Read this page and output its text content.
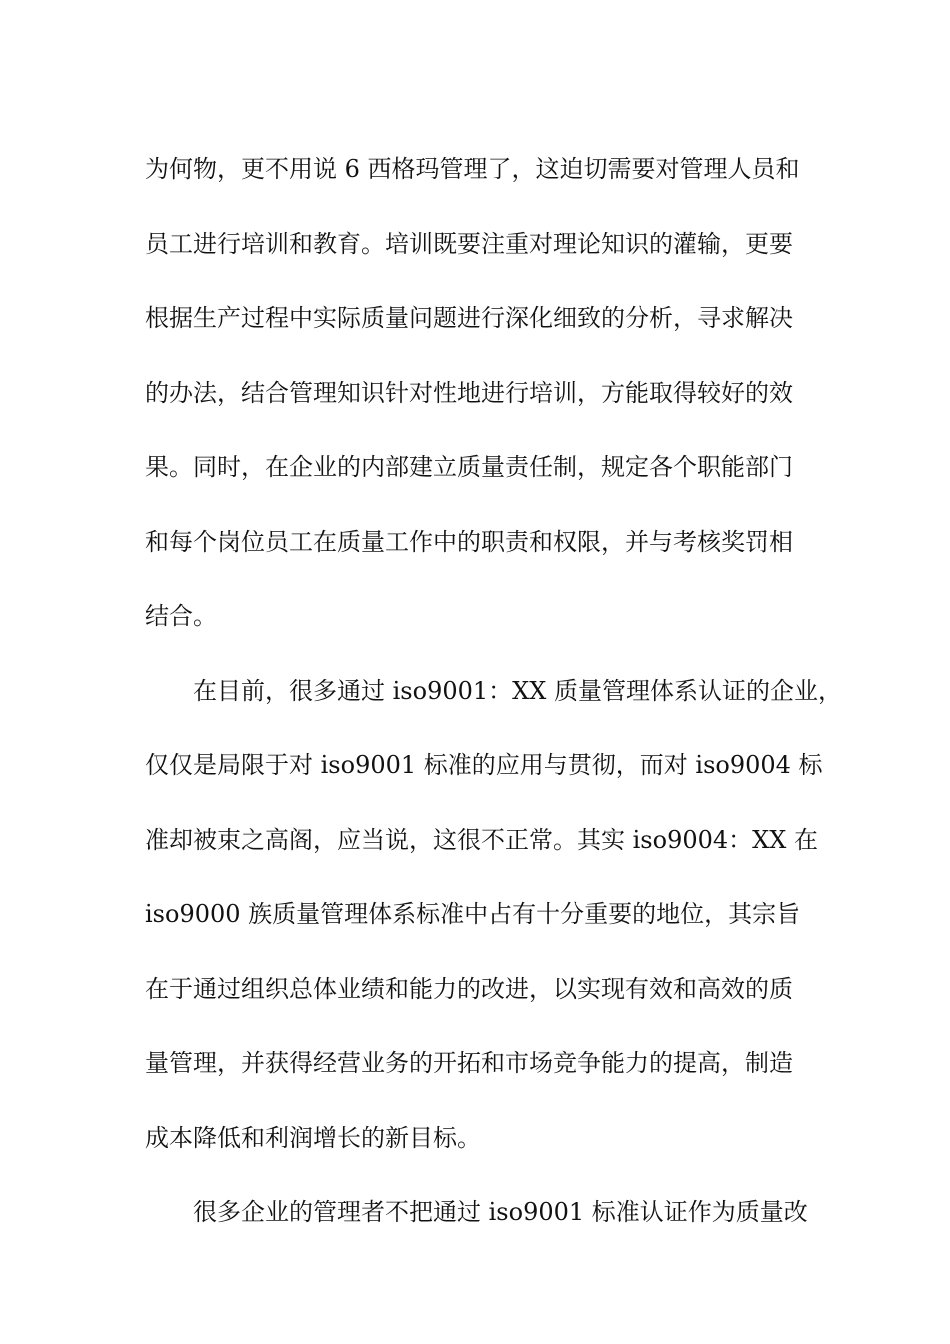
为何物，更不用说 6 西格玛管理了，这迫切需要对管理人员和
员工进行培训和教育。培训既要注重对理论知识的灌输，更要
根据生产过程中实际质量问题进行深化细致的分析，寻求解决
的办法，结合管理知识针对性地进行培训，方能取得较好的效
果。同时，在企业的内部建立质量责任制，规定各个职能部门
和每个岗位员工在质量工作中的职责和权限，并与考核奖罚相
结合。
在目前，很多通过 iso9001：XX 质量管理体系认证的企业，
仅仅是局限于对 iso9001 标准的应用与贯彻，而对 iso9004 标
准却被束之高阁，应当说，这很不正常。其实 iso9004：XX 在
iso9000 族质量管理体系标准中占有十分重要的地位，其宗旨
在于通过组织总体业绩和能力的改进，以实现有效和高效的质
量管理，并获得经营业务的开拓和市场竞争能力的提高，制造
成本降低和利润增长的新目标。
很多企业的管理者不把通过 iso9001 标准认证作为质量改
